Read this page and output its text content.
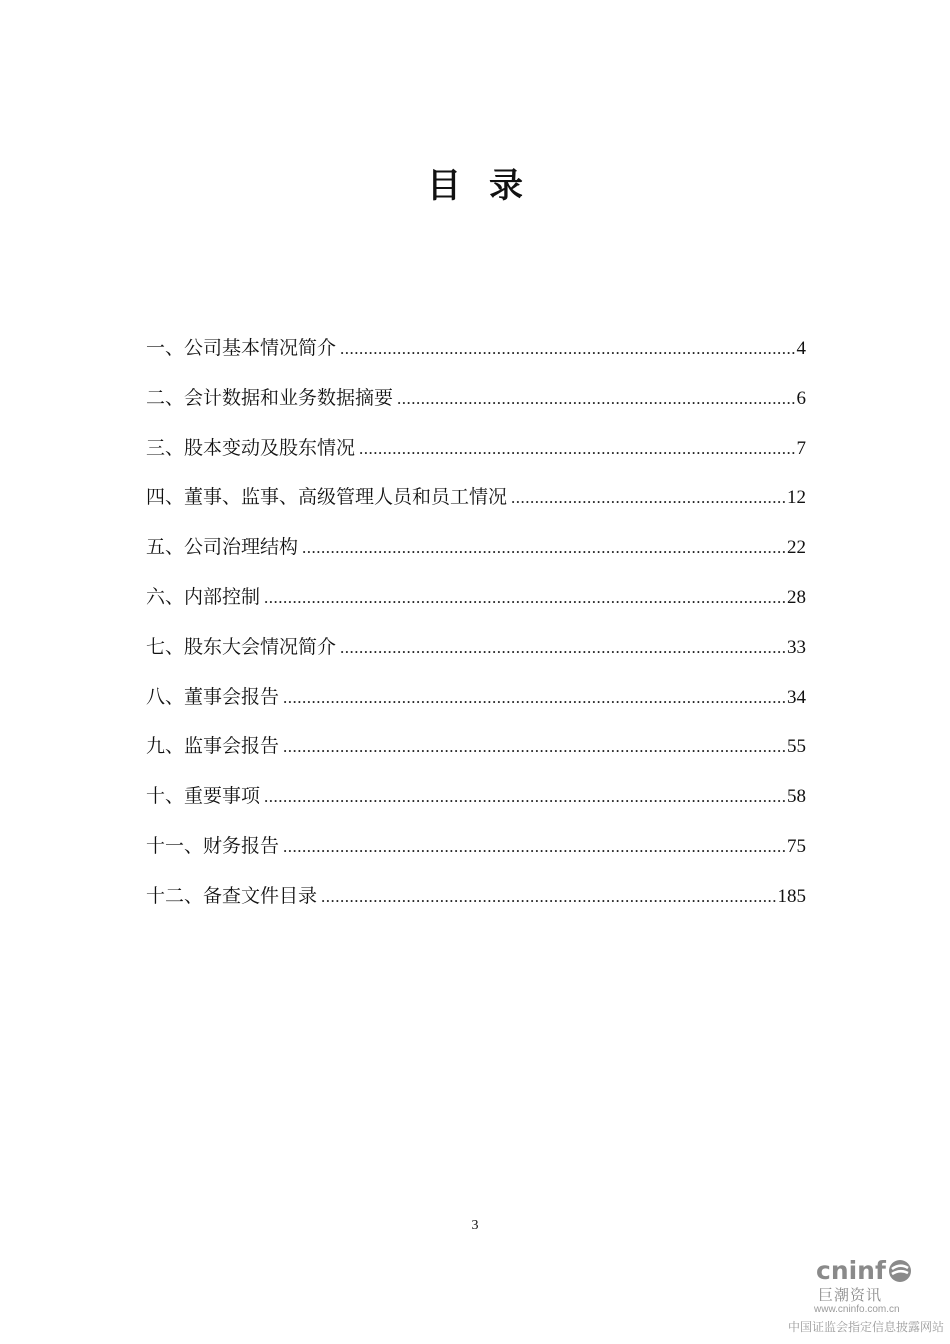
目录
一、公司基本情况简介 .....	4
二、会计数据和业务数据摘要 .....	6
三、股本变动及股东情况 .....	7
四、董事、监事、高级管理人员和员工情况 .....	12
五、公司治理结构 .....	22
六、内部控制 .....	28
七、股东大会情况简介 .....	33
八、董事会报告 .....	34
九、监事会报告 .....	55
十、重要事项 .....	58
十一、财务报告 .....	75
十二、备查文件目录 .....	185
3
cninf
巨潮资讯
www.cninfo.com.cn
中国证监会指定信息披露网站
